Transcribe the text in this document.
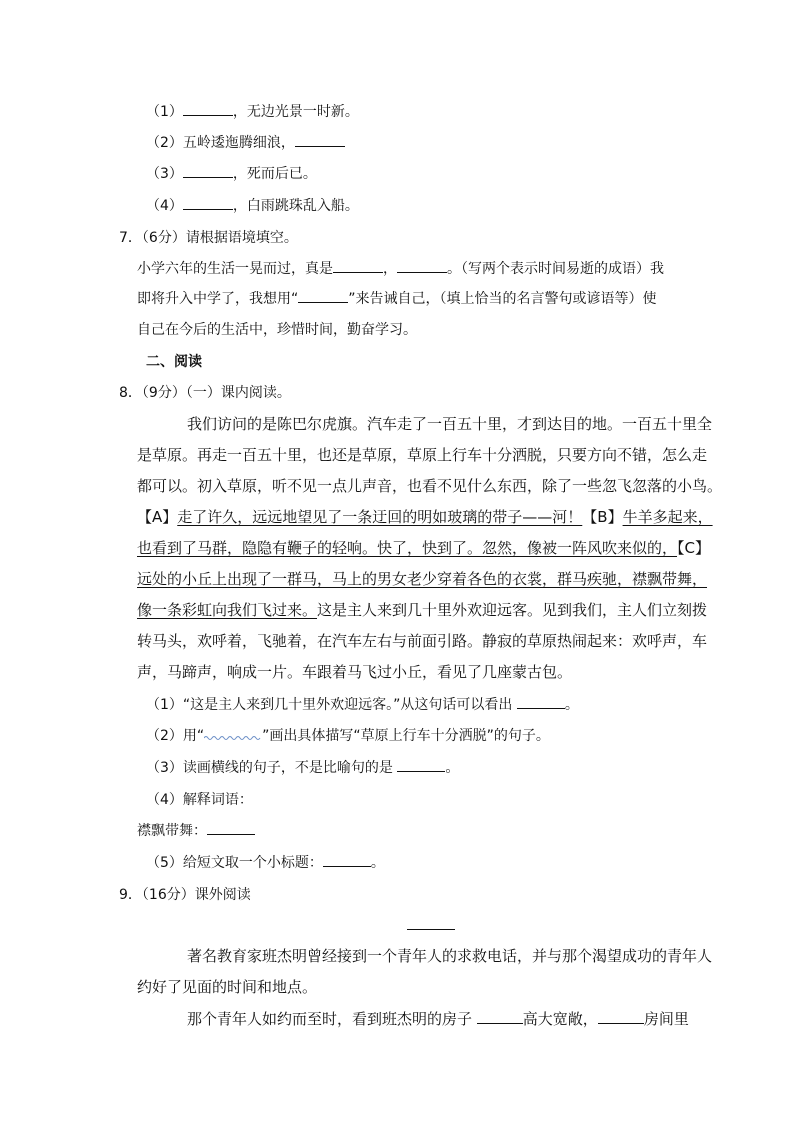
（1）	，无边光景一时新。
（2）五岭逶迤腾细浪，
（3）	，死而后已。
（4）	，白雨跳珠乱入船。
7．（6分）请根据语境填空。
小学六年的生活一晃而过，真是	，	。（写两个表示时间易逝的成语）我
即将升入中学了，我想用“	”来告诫自己，（填上恰当的名言警句或谚语等）使
自己在今后的生活中，珍惜时间，勤奋学习。
二、阅读
8．（9分）（一）课内阅读。
我们访问的是陈巴尔虎旗。汽车走了一百五十里，才到达目的地。一百五十里全
是草原。再走一百五十里，也还是草原，草原上行车十分洒脱，只要方向不错，怎么走
都可以。初入草原，听不见一点儿声音，也看不见什么东西，除了一些忽飞忽落的小鸟。
【A】走了许久，远远地望见了一条迂回的明如玻璃的带子——河！【B】牛羊多起来，
也看到了马群，隐隐有鞭子的轻响。快了，快到了。忽然，像被一阵风吹来似的，【C】
远处的小丘上出现了一群马，马上的男女老少穿着各色的衣裳，群马疾驰，襟飘带舞，
像一条彩虹向我们飞过来。这是主人来到几十里外欢迎远客。见到我们，主人们立刻拨
转马头，欢呼着，飞驰着，在汽车左右与前面引路。静寂的草原热闹起来：欢呼声，车
声，马蹄声，响成一片。车跟着马飞过小丘，看见了几座蒙古包。
（1）“这是主人来到几十里外欢迎远客。”从这句话可以看出	。
（2）用“	”画出具体描写“草原上行车十分洒脱”的句子。
（3）读画横线的句子，不是比喻句的是	。
（4）解释词语：
襟飘带舞：
（5）给短文取一个小标题：	。
9．（16分）课外阅读
著名教育家班杰明曾经接到一个青年人的求救电话，并与那个渴望成功的青年人
约好了见面的时间和地点。
那个青年人如约而至时，看到班杰明的房子	高大宽敞，	房间里
